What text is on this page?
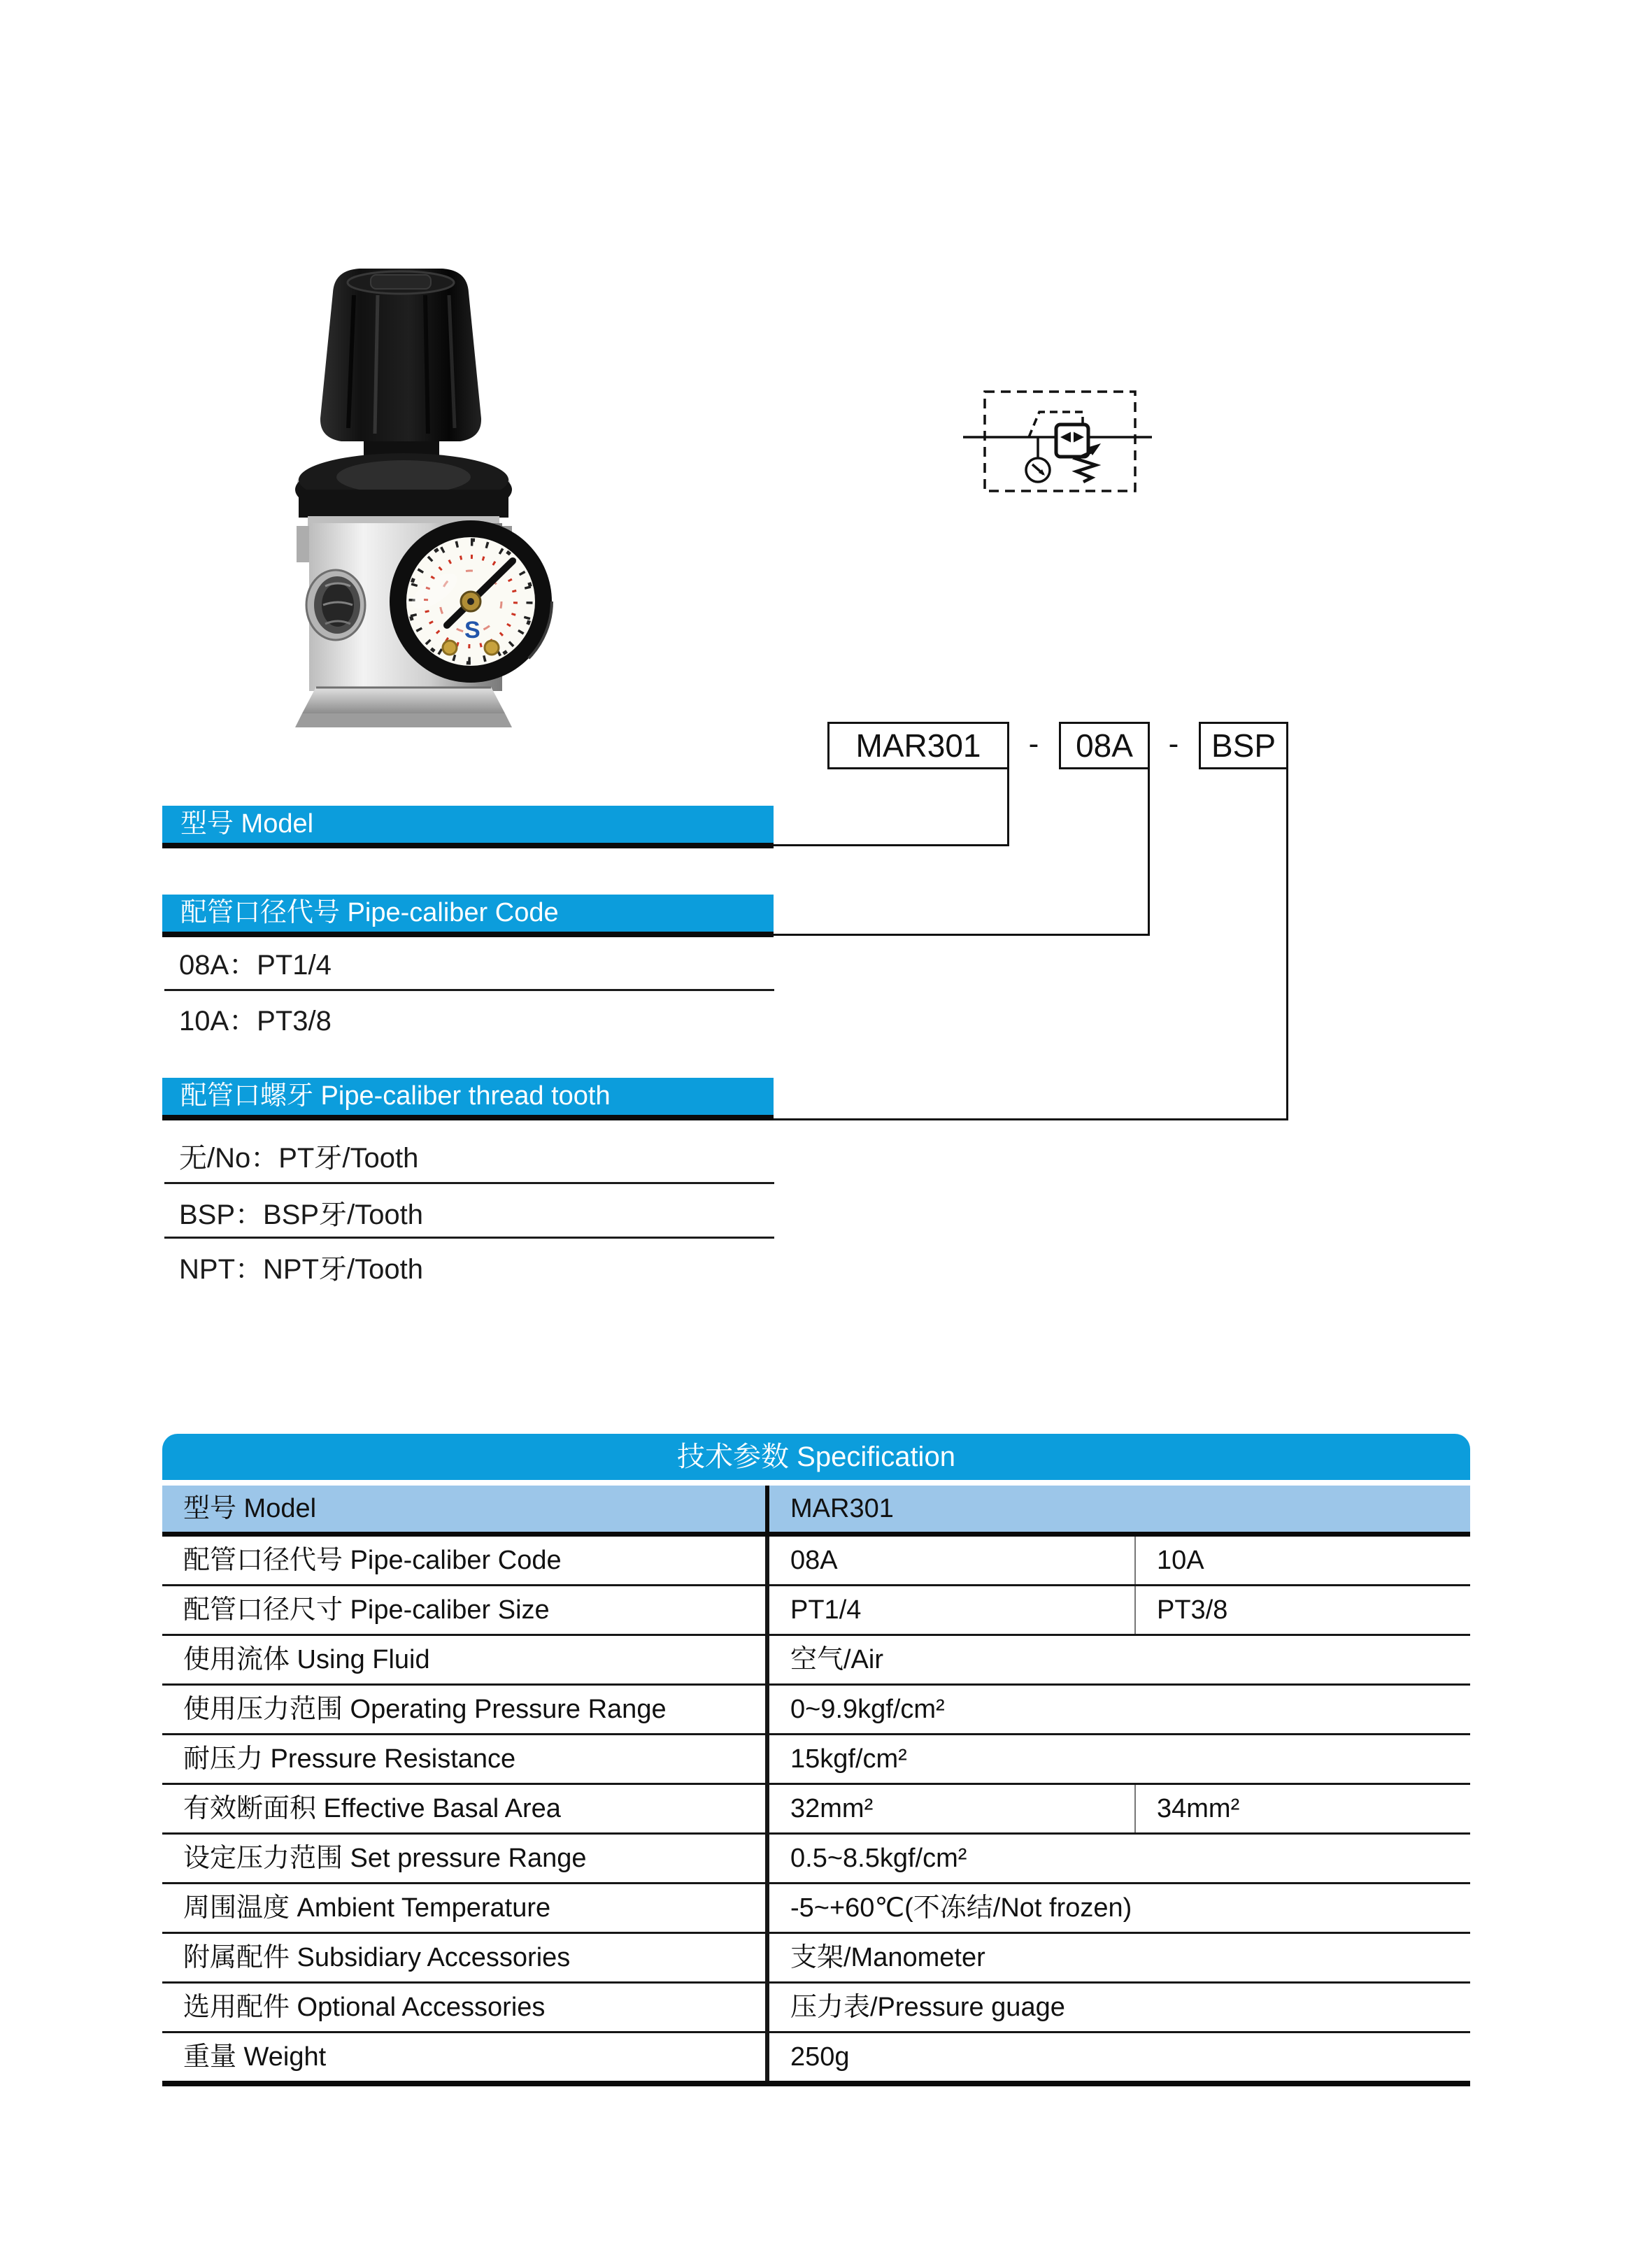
S
MAR301	-	08A	-	BSP
型号 Model
配管口径代号 Pipe-caliber Code
08A：PT1/4
10A：PT3/8
配管口螺牙 Pipe-caliber thread tooth
无/No：PT牙/Tooth
BSP：BSP牙/Tooth
NPT：NPT牙/Tooth
技术参数 Specification
型号 Model	MAR301
配管口径代号 Pipe-caliber Code	08A	10A
配管口径尺寸 Pipe-caliber Size	PT1/4	PT3/8
使用流体 Using Fluid	空气/Air
使用压力范围 Operating Pressure Range	0~9.9kgf/cm²
耐压力 Pressure Resistance	15kgf/cm²
有效断面积 Effective Basal Area	32mm²	34mm²
设定压力范围 Set pressure Range	0.5~8.5kgf/cm²
周围温度 Ambient Temperature	-5~+60℃(不冻结/Not frozen)
附属配件 Subsidiary Accessories	支架/Manometer
选用配件 Optional Accessories	压力表/Pressure guage
重量 Weight	250g
